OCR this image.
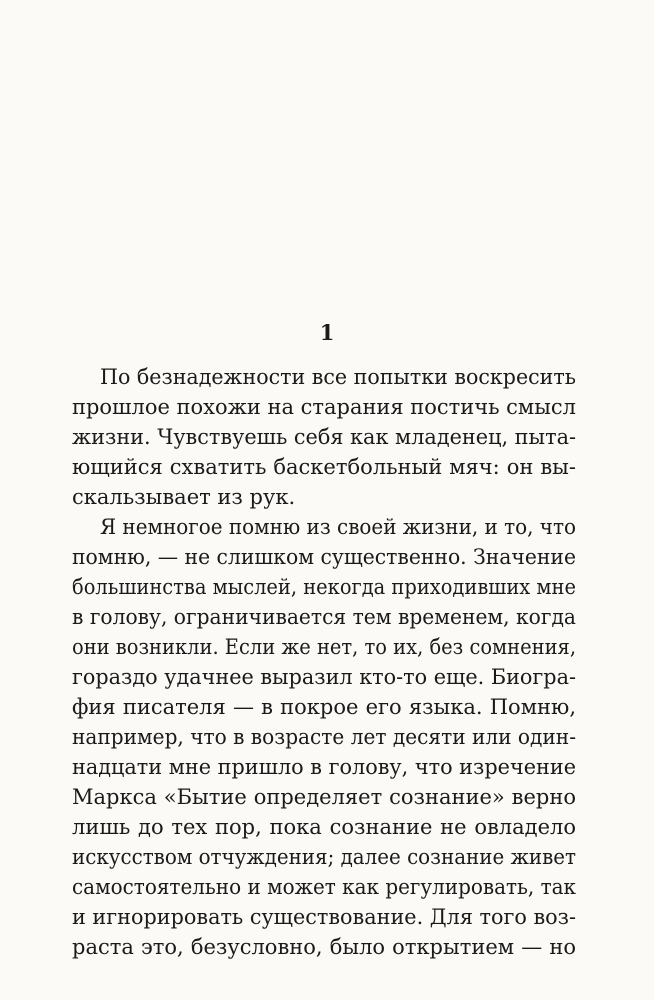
1
По безнадежности все попытки воскресить
прошлое похожи на старания постичь смысл
жизни. Чувствуешь себя как младенец, пыта-
ющийся схватить баскетбольный мяч: он вы-
скальзывает из рук.
Я немногое помню из своей жизни, и то, что
помню, — не слишком существенно. Значение
большинства мыслей, некогда приходивших мне
в голову, ограничивается тем временем, когда
они возникли. Если же нет, то их, без сомнения,
гораздо удачнее выразил кто-то еще. Биогра-
фия писателя — в покрое его языка. Помню,
например, что в возрасте лет десяти или один-
надцати мне пришло в голову, что изречение
Маркса «Бытие определяет сознание» верно
лишь до тех пор, пока сознание не овладело
искусством отчуждения; далее сознание живет
самостоятельно и может как регулировать, так
и игнорировать существование. Для того воз-
раста это, безусловно, было открытием — но
